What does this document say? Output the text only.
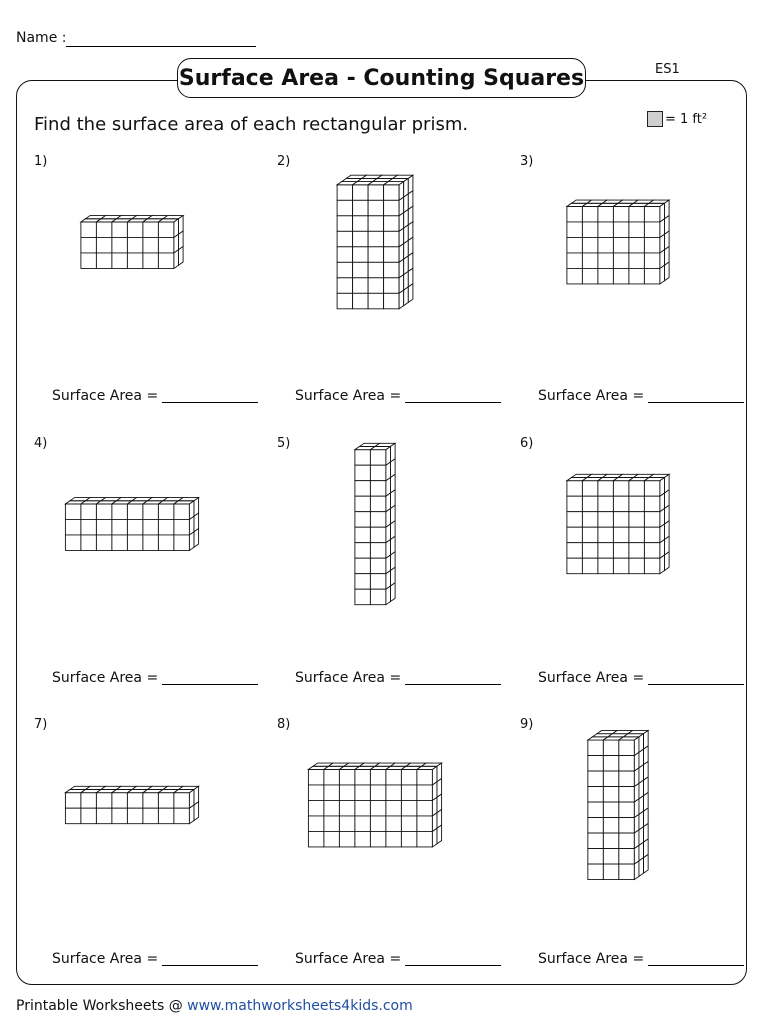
Name :
ES1
Surface Area - Counting Squares
Find the surface area of each rectangular prism.	= 1 ft²
1)
Surface Area =
2)
Surface Area =
3)
Surface Area =
4)
Surface Area =
5)
Surface Area =
6)
Surface Area =
7)
Surface Area =
8)
Surface Area =
9)
Surface Area =
Printable Worksheets @ www.mathworksheets4kids.com
